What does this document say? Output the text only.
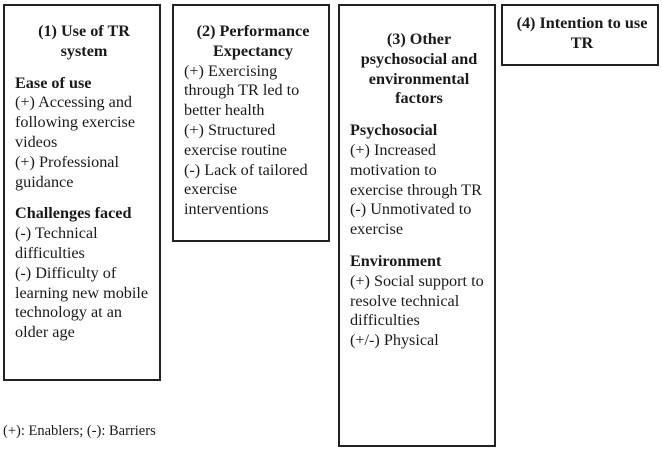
(1) Use of TR system

Ease of use

(+) Accessing and following exercise videos

(+) Professional guidance

Challenges faced

(-) Technical difficulties

(-) Difficulty of learning new mobile technology at an older age

(2) Performance Expectancy

(+) Exercising through TR led to better health

(+) Structured exercise routine

(-) Lack of tailored exercise interventions

(3) Other psychosocial and environmental factors

Psychosocial

(+) Increased motivation to exercise through TR

(-) Unmotivated to exercise

Environment

(+) Social support to resolve technical difficulties

(+/-) Physical

(4) Intention to use TR

(+): Enablers; (-): Barriers
